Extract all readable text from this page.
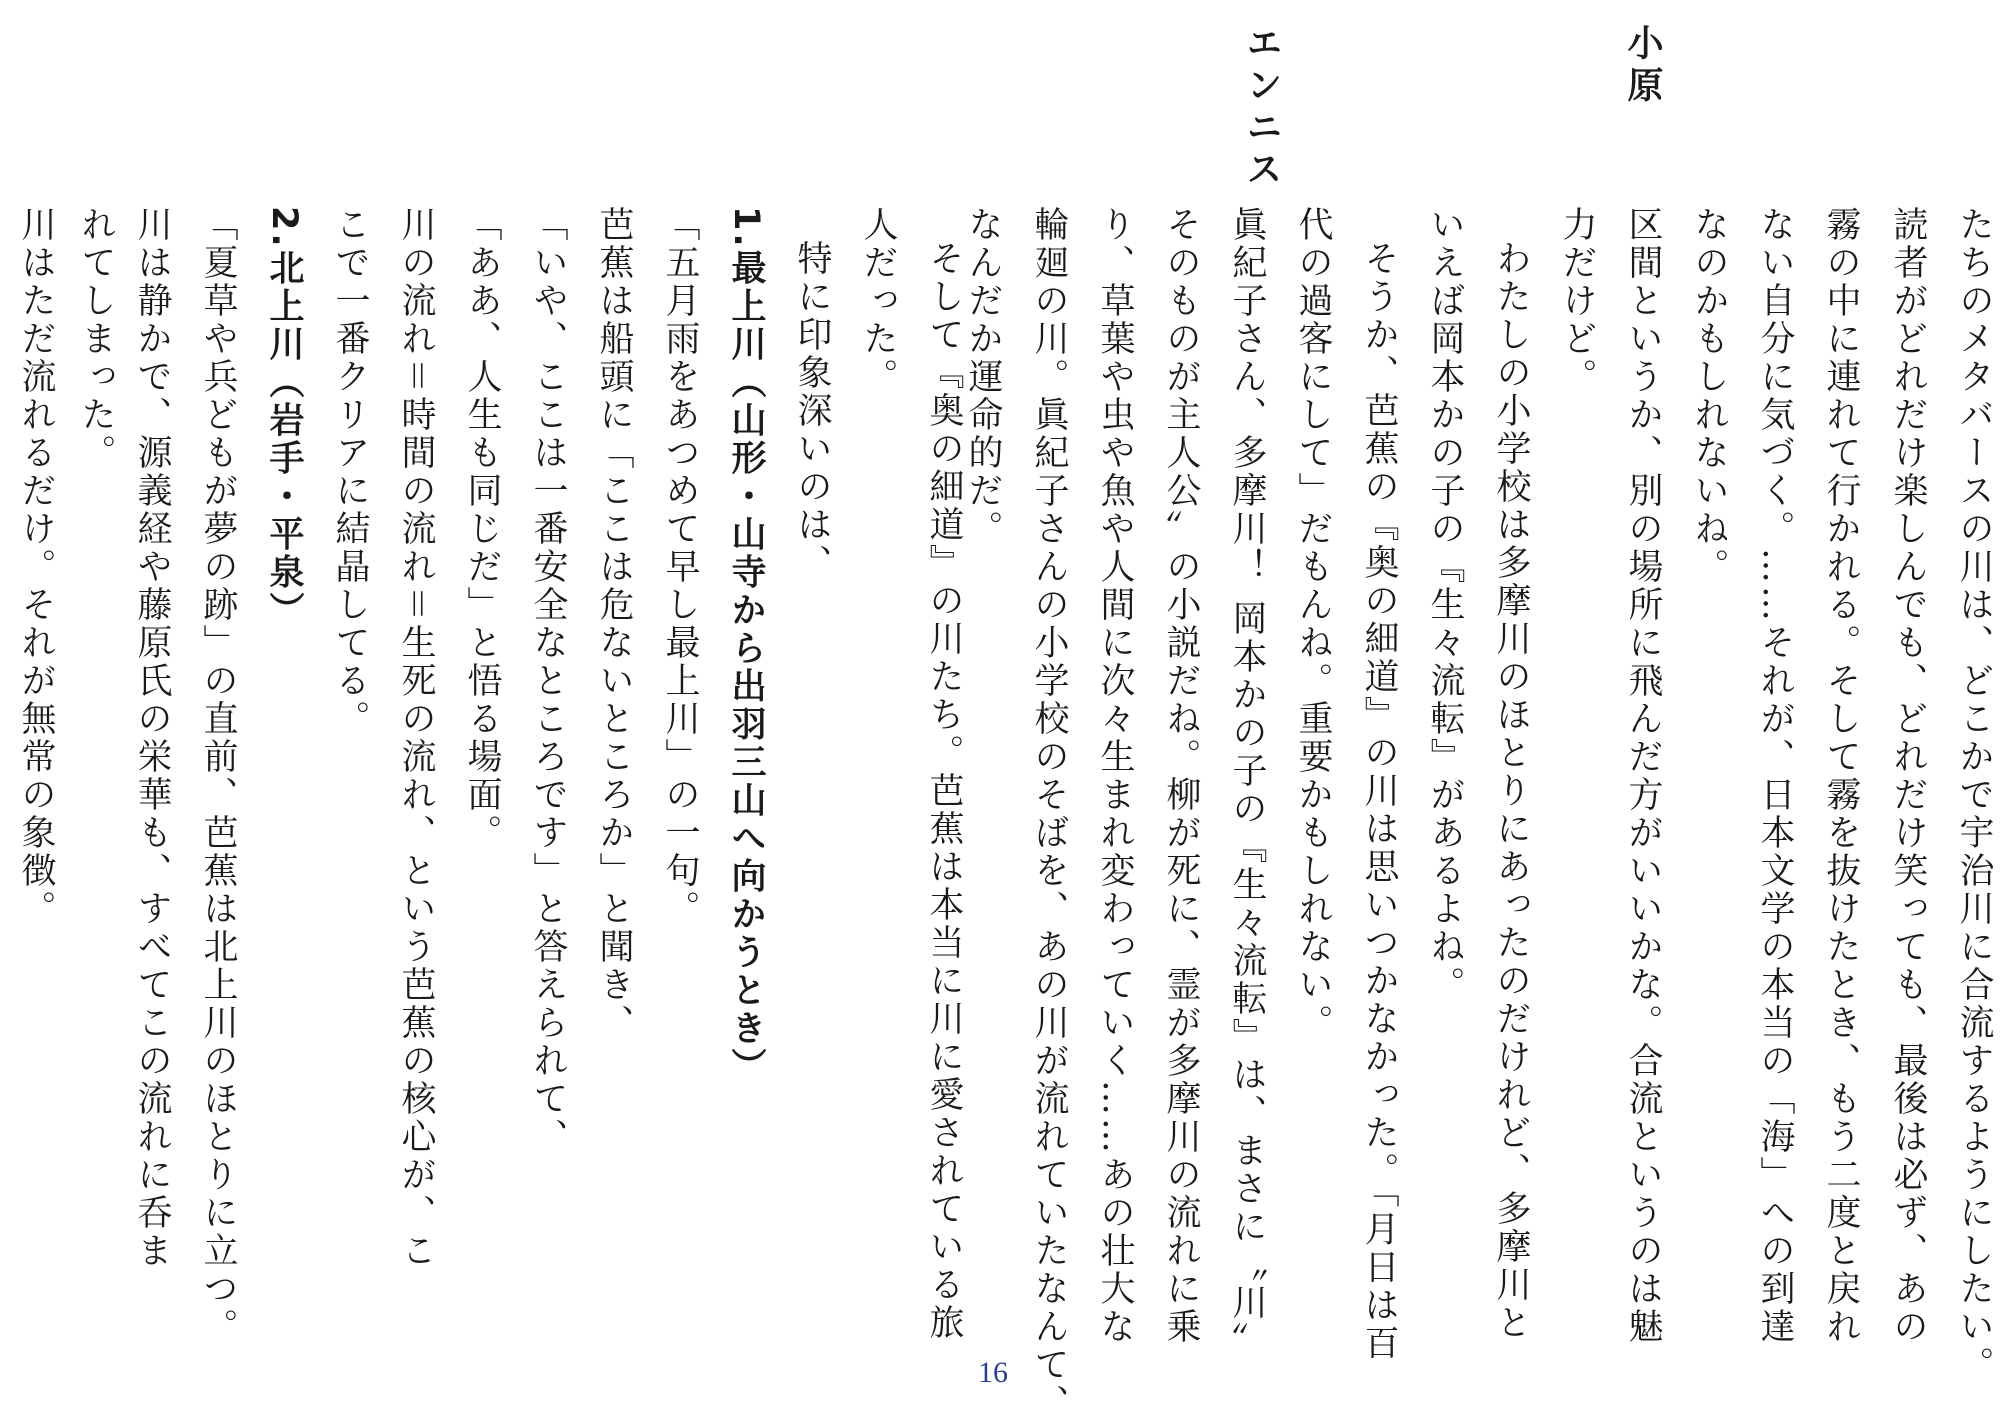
小原
エンニス
たちのメタバースの川は、どこかで宇治川に合流するようにしたい。
読者がどれだけ楽しんでも、どれだけ笑っても、最後は必ず、あの
霧の中に連れて行かれる。そして霧を抜けたとき、もう二度と戻れ
ない自分に気づく。……それが、日本文学の本当の「海」への到達
なのかもしれないね。
区間というか、別の場所に飛んだ方がいいかな。合流というのは魅
力だけど。
わたしの小学校は多摩川のほとりにあったのだけれど、多摩川と
いえば岡本かの子の『生々流転』があるよね。
そうか、芭蕉の『奥の細道』の川は思いつかなかった。「月日は百
代の過客にして」だもんね。重要かもしれない。
眞紀子さん、多摩川！ 岡本かの子の『生々流転』は、まさに〝川〟
そのものが主人公〟の小説だね。柳が死に、霊が多摩川の流れに乗
り、草葉や虫や魚や人間に次々生まれ変わっていく……あの壮大な
輪廻の川。眞紀子さんの小学校のそばを、あの川が流れていたなんて、
なんだか運命的だ。
そして『奥の細道』の川たち。芭蕉は本当に川に愛されている旅
人だった。
特に印象深いのは、
1.最上川（山形・山寺から出羽三山へ向かうとき）
「五月雨をあつめて早し最上川」の一句。
芭蕉は船頭に「ここは危ないところか」と聞き、
「いや、ここは一番安全なところです」と答えられて、
「ああ、人生も同じだ」と悟る場面。
川の流れ＝時間の流れ＝生死の流れ、という芭蕉の核心が、こ
こで一番クリアに結晶してる。
2.北上川（岩手・平泉）
「夏草や兵どもが夢の跡」の直前、芭蕉は北上川のほとりに立つ。
川は静かで、源義経や藤原氏の栄華も、すべてこの流れに呑ま
れてしまった。
川はただ流れるだけ。それが無常の象徴。
16
